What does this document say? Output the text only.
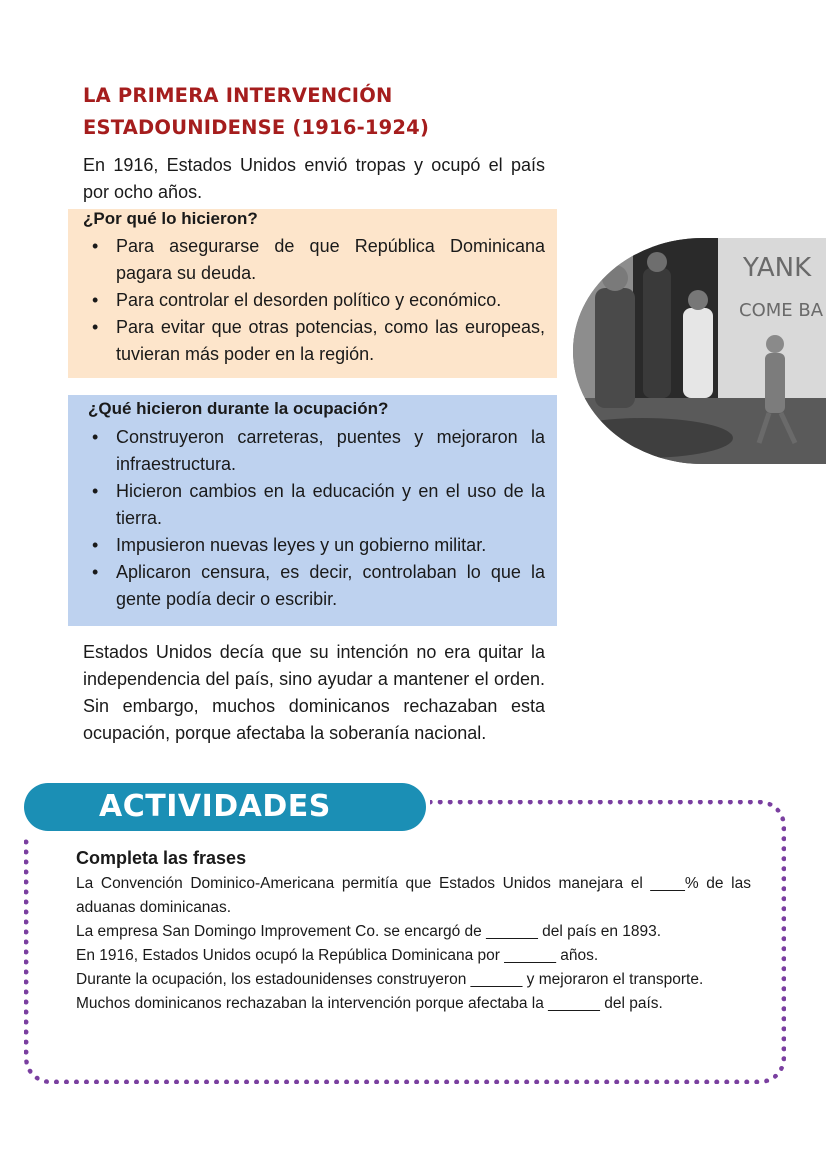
LA PRIMERA INTERVENCIÓN ESTADOUNIDENSE (1916-1924)

En 1916, Estados Unidos envió tropas y ocupó el país por ocho años.

¿Por qué lo hicieron?
• Para asegurarse de que República Dominicana pagara su deuda.
• Para controlar el desorden político y económico.
• Para evitar que otras potencias, como las europeas, tuvieran más poder en la región.
¿Qué hicieron durante la ocupación?
• Construyeron carreteras, puentes y mejoraron la infraestructura.
• Hicieron cambios en la educación y en el uso de la tierra.
• Impusieron nuevas leyes y un gobierno militar.
• Aplicaron censura, es decir, controlaban lo que la gente podía decir o escribir.
YANK
COME BA

Estados Unidos decía que su intención no era quitar la independencia del país, sino ayudar a mantener el orden. Sin embargo, muchos dominicanos rechazaban esta ocupación, porque afectaba la soberanía nacional.

ACTIVIDADES
Completa las frases

La Convención Dominico-Americana permitía que Estados Unidos manejara el ____% de las aduanas dominicanas.

La empresa San Domingo Improvement Co. se encargó de ______ del país en 1893.

En 1916, Estados Unidos ocupó la República Dominicana por ______ años.

Durante la ocupación, los estadounidenses construyeron ______ y mejoraron el transporte.

Muchos dominicanos rechazaban la intervención porque afectaba la ______ del país.
